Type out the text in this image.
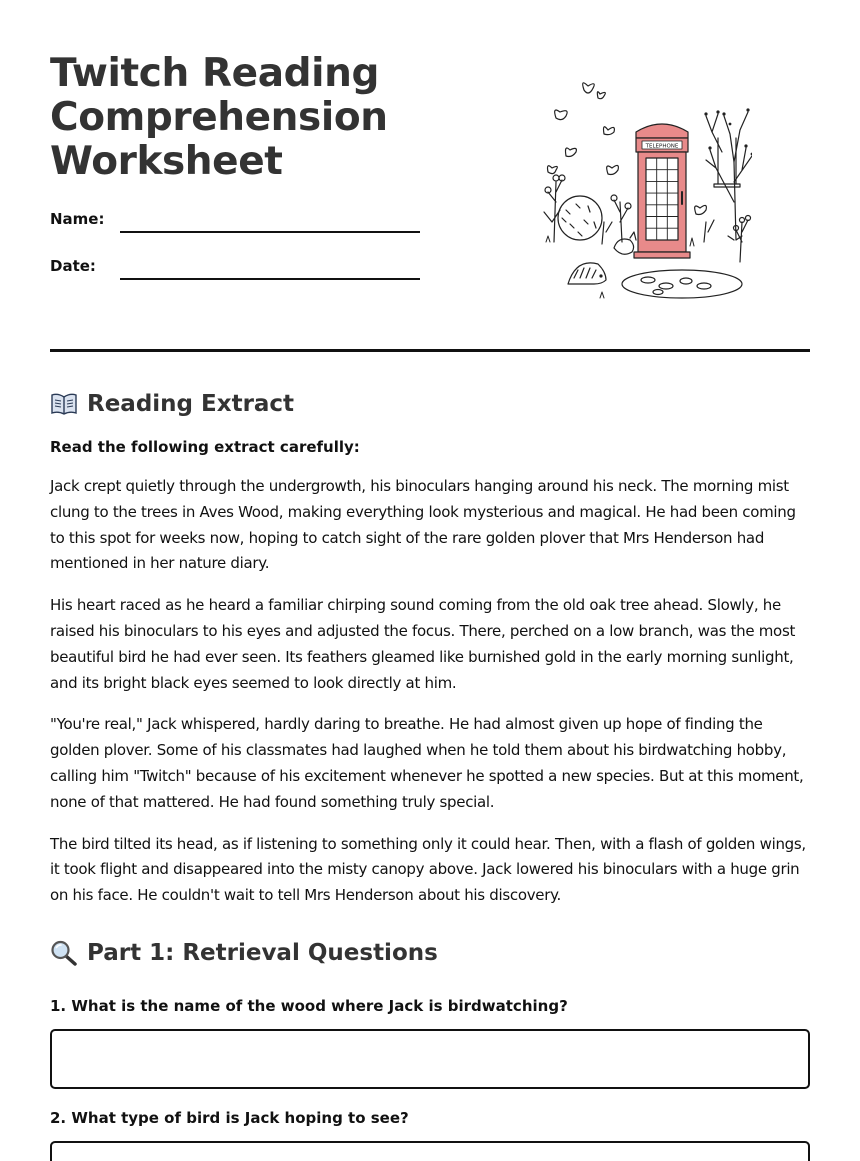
Twitch Reading Comprehension Worksheet
Name:
Date:
TELEPHONE
Reading Extract

Read the following extract carefully:

Jack crept quietly through the undergrowth, his binoculars hanging around his neck. The morning mist clung to the trees in Aves Wood, making everything look mysterious and magical. He had been coming to this spot for weeks now, hoping to catch sight of the rare golden plover that Mrs Henderson had mentioned in her nature diary.

His heart raced as he heard a familiar chirping sound coming from the old oak tree ahead. Slowly, he raised his binoculars to his eyes and adjusted the focus. There, perched on a low branch, was the most beautiful bird he had ever seen. Its feathers gleamed like burnished gold in the early morning sunlight, and its bright black eyes seemed to look directly at him.

"You're real," Jack whispered, hardly daring to breathe. He had almost given up hope of finding the golden plover. Some of his classmates had laughed when he told them about his birdwatching hobby, calling him "Twitch" because of his excitement whenever he spotted a new species. But at this moment, none of that mattered. He had found something truly special.

The bird tilted its head, as if listening to something only it could hear. Then, with a flash of golden wings, it took flight and disappeared into the misty canopy above. Jack lowered his binoculars with a huge grin on his face. He couldn't wait to tell Mrs Henderson about his discovery.

Part 1: Retrieval Questions

1. What is the name of the wood where Jack is birdwatching?

2. What type of bird is Jack hoping to see?
